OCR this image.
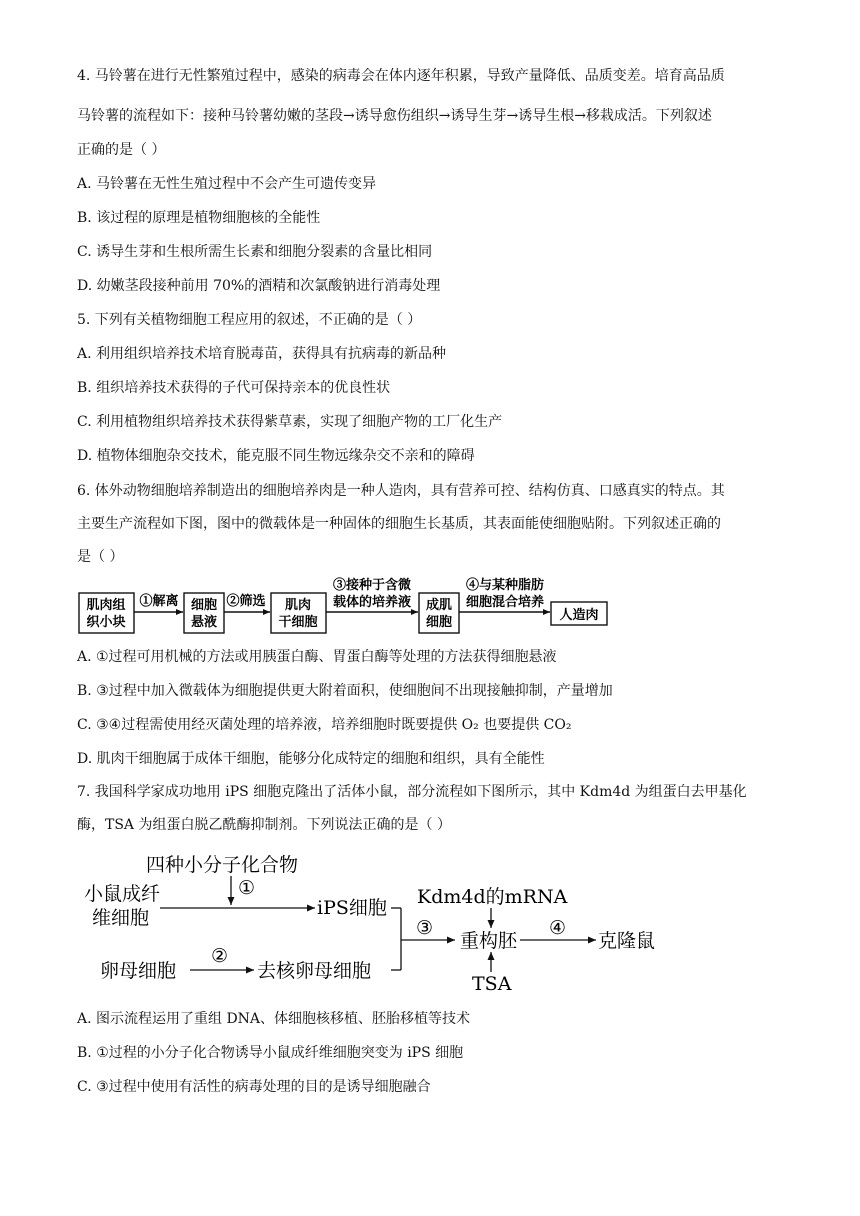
4. 马铃薯在进行无性繁殖过程中，感染的病毒会在体内逐年积累，导致产量降低、品质变差。培育高品质
马铃薯的流程如下：接种马铃薯幼嫩的茎段→诱导愈伤组织→诱导生芽→诱导生根→移栽成活。下列叙述
正确的是（ ）
A. 马铃薯在无性生殖过程中不会产生可遗传变异
B. 该过程的原理是植物细胞核的全能性
C. 诱导生芽和生根所需生长素和细胞分裂素的含量比相同
D. 幼嫩茎段接种前用 70%的酒精和次氯酸钠进行消毒处理
5. 下列有关植物细胞工程应用的叙述，不正确的是（ ）
A. 利用组织培养技术培育脱毒苗，获得具有抗病毒的新品种
B. 组织培养技术获得的子代可保持亲本的优良性状
C. 利用植物组织培养技术获得紫草素，实现了细胞产物的工厂化生产
D. 植物体细胞杂交技术，能克服不同生物远缘杂交不亲和的障碍
6. 体外动物细胞培养制造出的细胞培养肉是一种人造肉，具有营养可控、结构仿真、口感真实的特点。其
主要生产流程如下图，图中的微载体是一种固体的细胞生长基质，其表面能使细胞贴附。下列叙述正确的
是（ ）
肌肉组
织小块
①解离 细胞
悬液
②筛选 肌肉
干细胞
③接种于含微
载体的培养液 成肌
细胞
④与某种脂肪
细胞混合培养
人造肉
A. ①过程可用机械的方法或用胰蛋白酶、胃蛋白酶等处理的方法获得细胞悬液
B. ③过程中加入微载体为细胞提供更大附着面积，使细胞间不出现接触抑制，产量增加
C. ③④过程需使用经灭菌处理的培养液，培养细胞时既要提供 O₂ 也要提供 CO₂
D. 肌肉干细胞属于成体干细胞，能够分化成特定的细胞和组织，具有全能性
7. 我国科学家成功地用 iPS 细胞克隆出了活体小鼠，部分流程如下图所示，其中 Kdm4d 为组蛋白去甲基化
酶，TSA 为组蛋白脱乙酰酶抑制剂。下列说法正确的是（ ）
四种小分子化合物
①
小鼠成纤
维细胞	iPS细胞
卵母细胞
②
去核卵母细胞
③
Kdm4d的mRNA
重构胚
④
克隆鼠
TSA
A. 图示流程运用了重组 DNA、体细胞核移植、胚胎移植等技术
B. ①过程的小分子化合物诱导小鼠成纤维细胞突变为 iPS 细胞
C. ③过程中使用有活性的病毒处理的目的是诱导细胞融合
